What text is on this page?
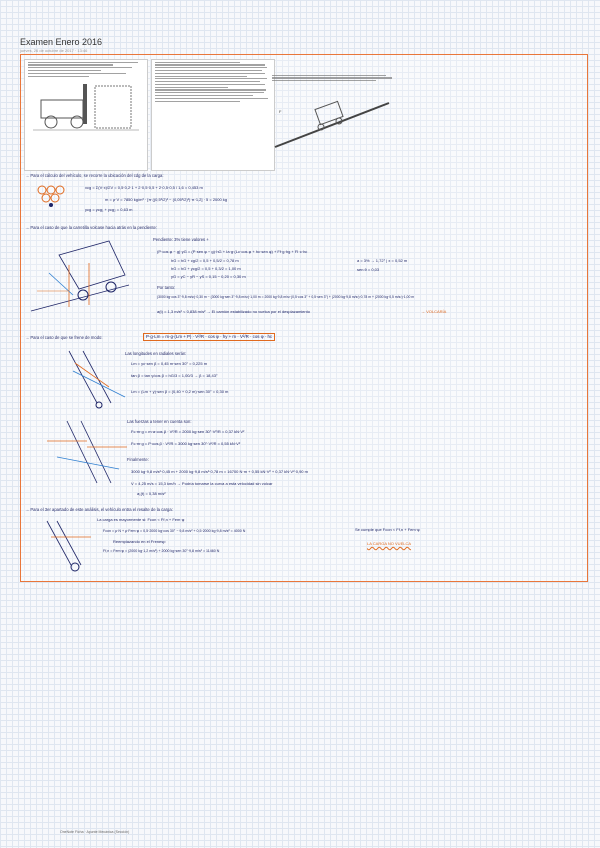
Examen Enero 2016
jueves, 26 de octubre de 2017 · 13:46
F
→ Para el cálculo del vehículo, se recorre la ubicación del cdg de la carga:
xcg = Σ(V·x)/ΣV = 0,5·0,2·1 + 2·0,5·0,5 + 2·0,5·0,5 / 1,6 = 0,453 m
m = ρ·V = 7850 kg/m³ · [π·((0,5²/2)² − (0,05²/2)²)·π·1,2] · 5 = 2000 kg
ycg = ycg₁ + ycg₂ = 0,63 m
→ Para el caso de que la carretilla volcase hacia atrás en la pendiente:
Pendiente: 3% tiene valores +
(P·cos φ − g)·yG = (P·sen φ − g)·hG + Ia·g·(Lc·cos φ + hc·sen φ) + Ff·g·hg + FI·c·hc
hG = hG + cg/2 = 0,5 + 0,5/2 = 0,78 m
hG = hG + ycg/2 = 0,5 + 0,3/2 = 1,00 m
yG = yC − yR − yS = 0,15 − 0,20 = 0,30 m
a = 3% → 1,72° | x = 0,52 m
sen θ = 0,03
Por tanto:
(3000 kg·cos 3°·9,8 m/s²)·0,30 m − (3000 kg·sen 3°·9,8 m/s²)·1,00 m = 2000 kg·9,8 m/s²·(0,5·cos 3° + 0,5·sen 3°) + (2000 kg·9,8 m/s²)·0,78 m + (2000 kg·0,5 m/s²)·1,00 m
a(t) = 1,3 m/s² < 0,838 m/s² → El camión estabilizado no vuelca por el desplazamiento	→ VOLCARÍA
→ Para el caso de que se frene de modo:	P·g·Lm = m·g·(Lm + P) · V²/R · cos φ · hy + m · V²/R · cos φ · hc
Las longitudes en radiales serán:
Lm = yc·sen β = 0,45 m·sen 30° = 0,225 m
tan β = tan γ/cos β = hG/3 = 1,00/3 → β = 18,43°
Lm = (Lm + y)·sen β = (0,40 + 0,2 m)·sen 30° = 0,30 m
Las fuerzas a tener en cuenta son:
Fc·m·g = m·a·cos β · V²/R = 2000 kg·sen 30°·V²/R = 0,37 kN·V²
Fc·m·g = P·cos β · V²/R = 3000 kg·sen 30°·V²/R = 0,55 kN·V²
Finalmente:
3000 kg·9,8 m/s²·0,45 m + 2000 kg·9,8 m/s²·0,78 m = 16700 N·m + 0,55 kN·V² + 0,37 kN·V²·0,90 m
V = 4,25 m/s = 15,3 km/h → Podría tomarse la curva a esta velocidad sin volcar
a₁(t) = 0,38 m/s²
→ Para el 3er apartado de este análisis, el vehículo entra el resalte de la carga:
La carga es mayormente si: Fcon < Ff,n + Fem·φ
Fcon = μ·N + μ·Fem·φ = 0,5·2000 kg·cos 30° − 9,8 m/s² + 0,5·2000 kg·9,8 m/s² = 4000 N
Reemplazando en el Frenesp
Ff,n = Fem·φ = (2000 kg·1,2 m/s²) + 2000 kg·sen 30°·9,8 m/s² = 11460 N
Se cumple que Fcon < Ff,n + Fem·φ
LA CARGA NO VUELCA
OneNote Ficha · Apunte Mecánica (Sección)
